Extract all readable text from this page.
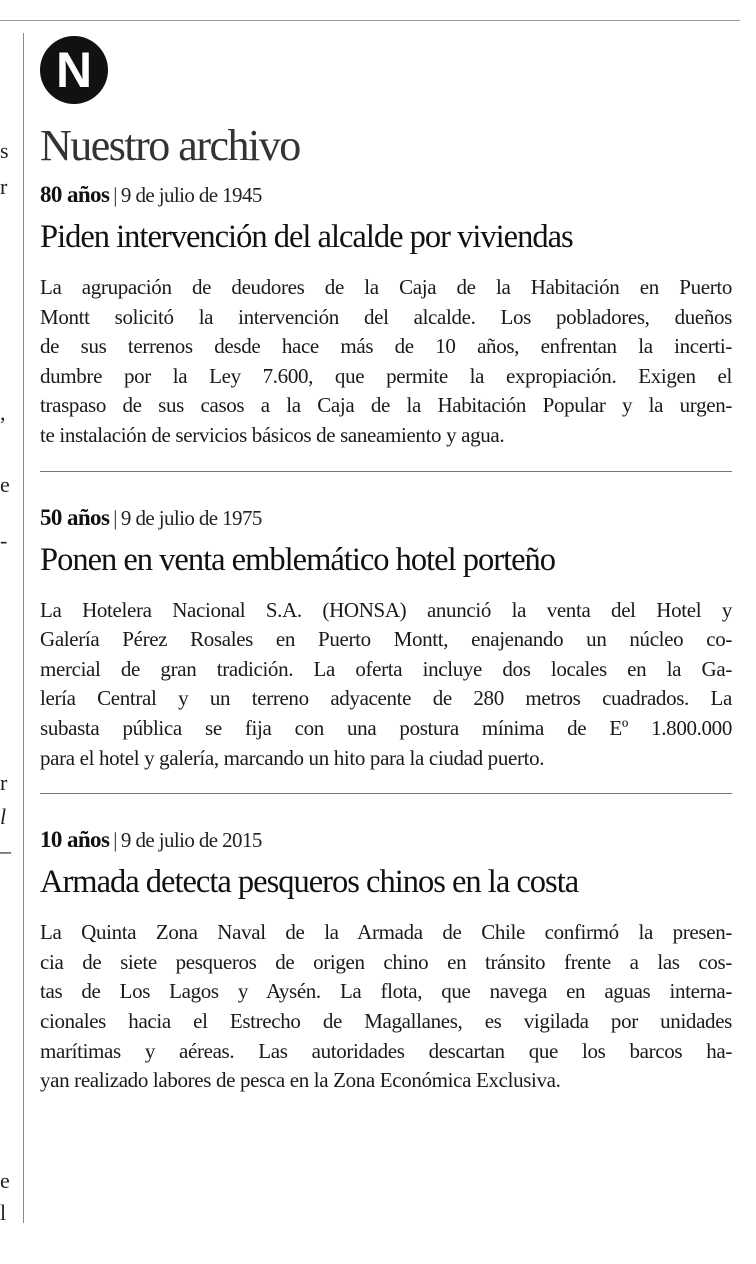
s
r
,
e
-
r
l
–
e
l
N
Nuestro archivo
80 años | 9 de julio de 1945
Piden intervención del alcalde por viviendas

La agrupación de deudores de la Caja de la Habitación en Puerto
Montt solicitó la intervención del alcalde. Los pobladores, dueños
de sus terrenos desde hace más de 10 años, enfrentan la incerti-
dumbre por la Ley 7.600, que permite la expropiación. Exigen el
traspaso de sus casos a la Caja de la Habitación Popular y la urgen-
te instalación de servicios básicos de saneamiento y agua.

50 años | 9 de julio de 1975
Ponen en venta emblemático hotel porteño

La Hotelera Nacional S.A. (HONSA) anunció la venta del Hotel y
Galería Pérez Rosales en Puerto Montt, enajenando un núcleo co-
mercial de gran tradición. La oferta incluye dos locales en la Ga-
lería Central y un terreno adyacente de 280 metros cuadrados. La
subasta pública se fija con una postura mínima de Eº 1.800.000
para el hotel y galería, marcando un hito para la ciudad puerto.

10 años | 9 de julio de 2015
Armada detecta pesqueros chinos en la costa

La Quinta Zona Naval de la Armada de Chile confirmó la presen-
cia de siete pesqueros de origen chino en tránsito frente a las cos-
tas de Los Lagos y Aysén. La flota, que navega en aguas interna-
cionales hacia el Estrecho de Magallanes, es vigilada por unidades
marítimas y aéreas. Las autoridades descartan que los barcos ha-
yan realizado labores de pesca en la Zona Económica Exclusiva.
